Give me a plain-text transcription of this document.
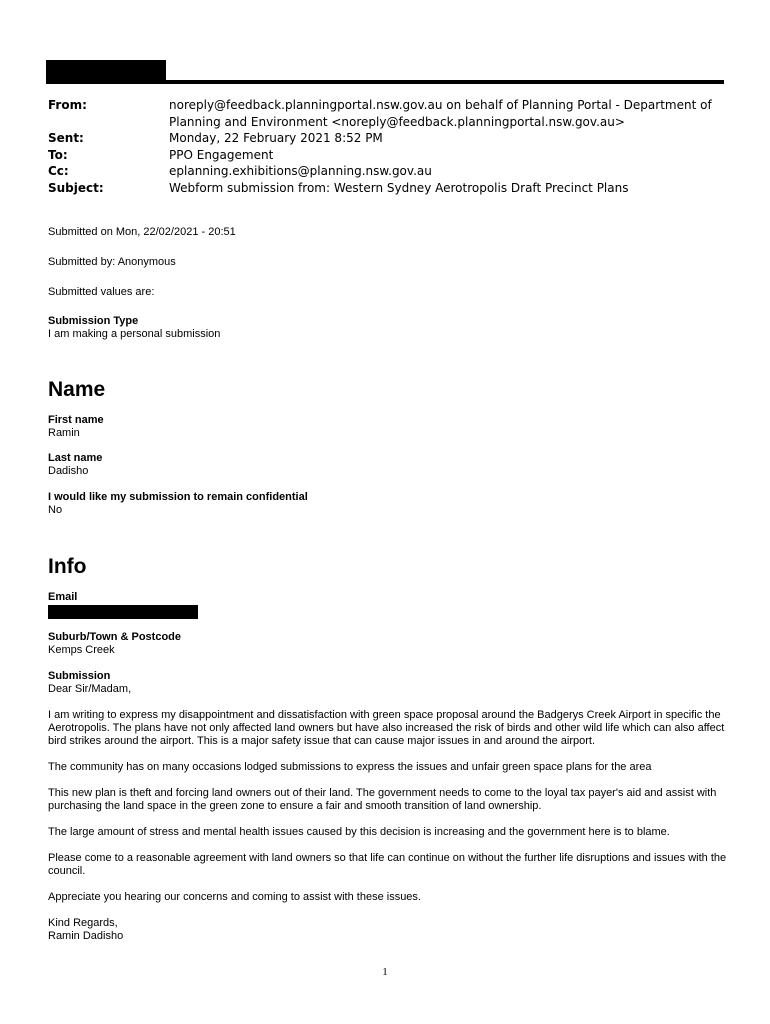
From:	noreply@feedback.planningportal.nsw.gov.au on behalf of Planning Portal - Department of Planning and Environment <noreply@feedback.planningportal.nsw.gov.au>
Sent:	Monday, 22 February 2021 8:52 PM
To:	PPO Engagement
Cc:	eplanning.exhibitions@planning.nsw.gov.au
Subject:	Webform submission from: Western Sydney Aerotropolis Draft Precinct Plans

Submitted on Mon, 22/02/2021 - 20:51

Submitted by: Anonymous

Submitted values are:

Submission Type

I am making a personal submission

Name

First name

Ramin

Last name

Dadisho

I would like my submission to remain confidential

No

Info

Email

Suburb/Town & Postcode

Kemps Creek

Submission

Dear Sir/Madam,

I am writing to express my disappointment and dissatisfaction with green space proposal around the Badgerys Creek Airport in specific the Aerotropolis. The plans have not only affected land owners but have also increased the risk of birds and other wild life which can also affect bird strikes around the airport. This is a major safety issue that can cause major issues in and around the airport.

The community has on many occasions lodged submissions to express the issues and unfair green space plans for the area

This new plan is theft and forcing land owners out of their land. The government needs to come to the loyal tax payer's aid and assist with purchasing the land space in the green zone to ensure a fair and smooth transition of land ownership.

The large amount of stress and mental health issues caused by this decision is increasing and the government here is to blame.

Please come to a reasonable agreement with land owners so that life can continue on without the further life disruptions and issues with the council.

Appreciate you hearing our concerns and coming to assist with these issues.

Kind Regards,

Ramin Dadisho

1
